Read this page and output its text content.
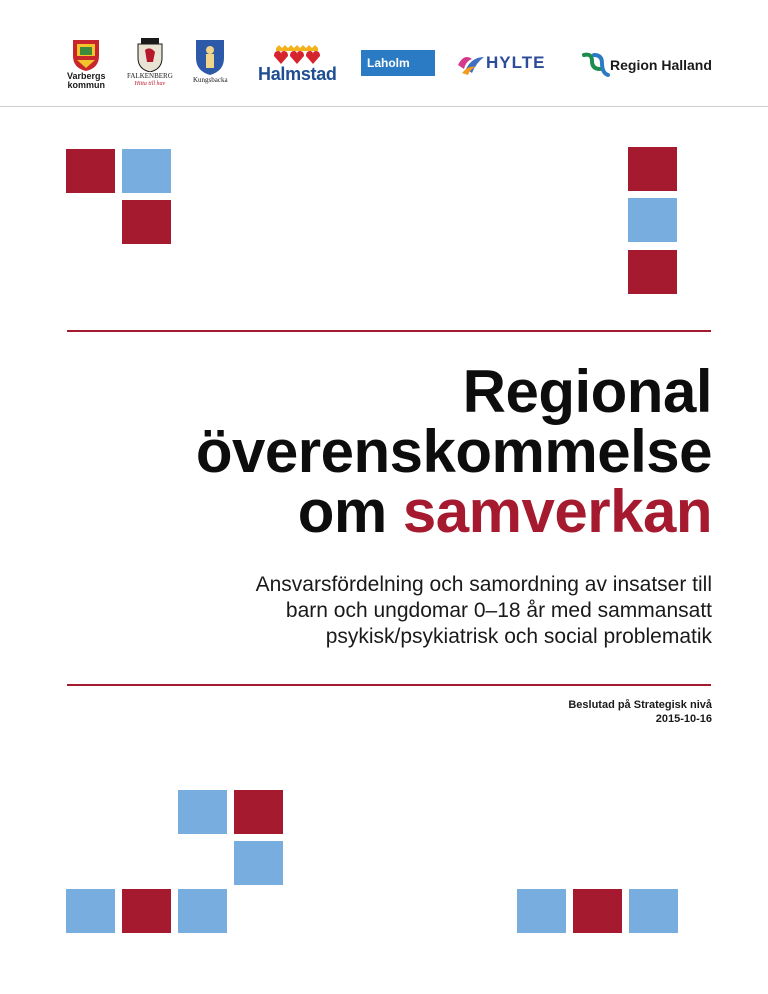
Varbergs
kommun
FALKENBERG
Hitta till hav	Kungsbacka Halmstad
Laholm	HYLTE	Region Halland
Regional
överenskommelse
om samverkan
Ansvarsfördelning och samordning av insatser till
barn och ungdomar 0–18 år med sammansatt
psykisk/psykiatrisk och social problematik
Beslutad på Strategisk nivå
2015-10-16
